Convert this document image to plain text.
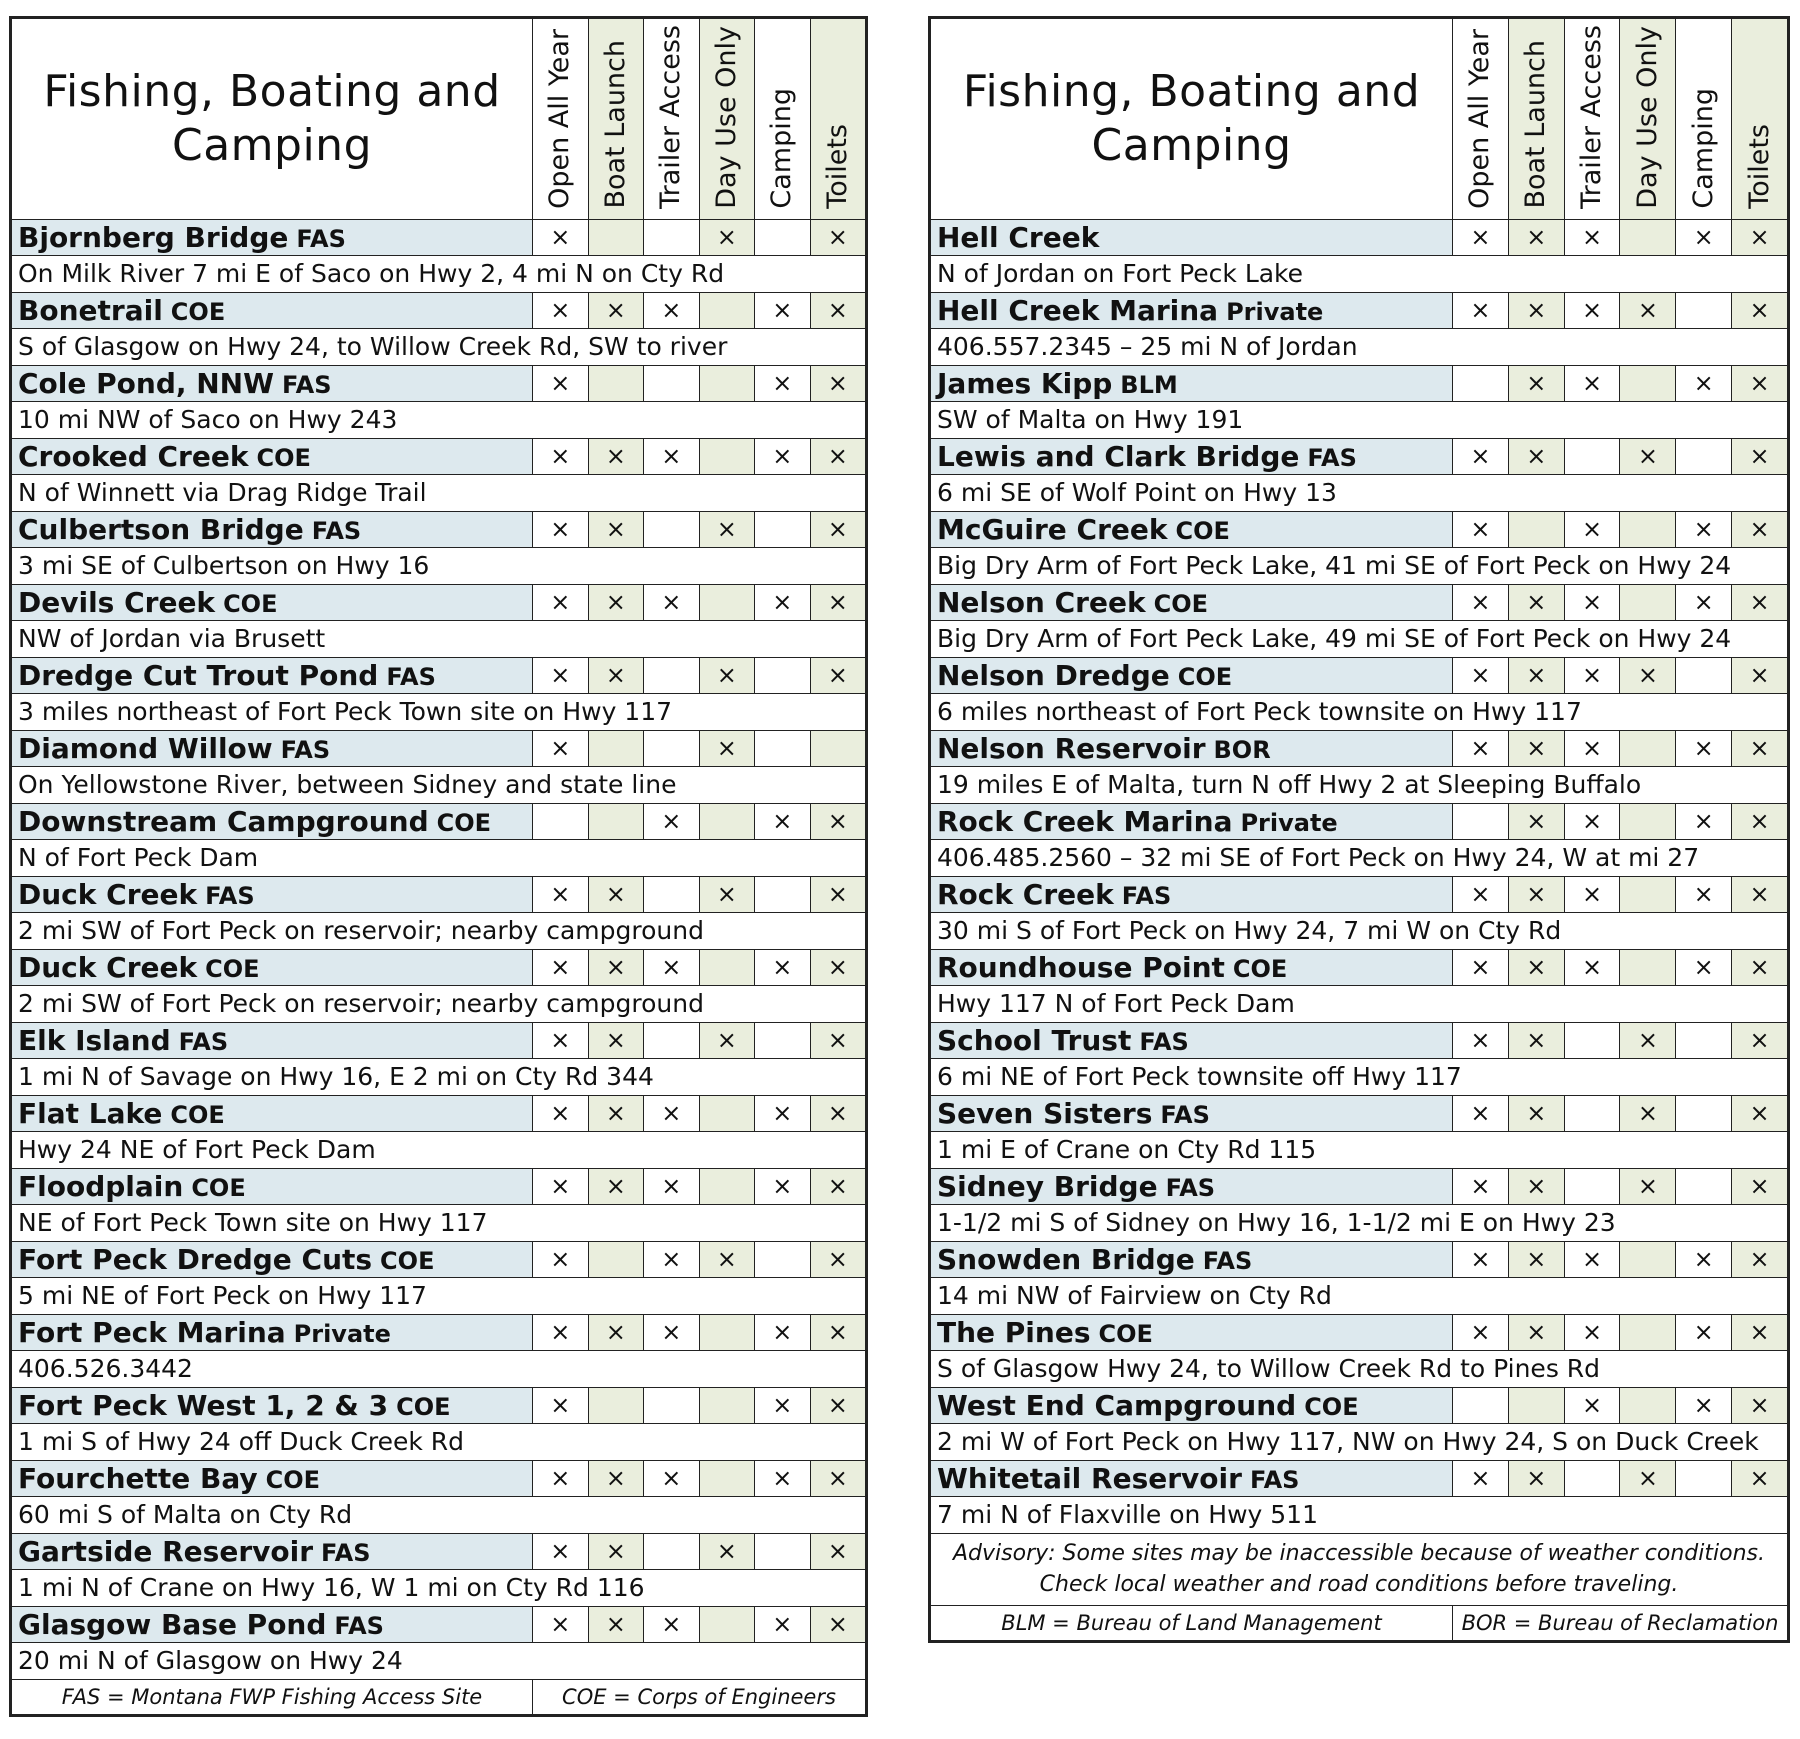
Fishing, Boating and Camping	Open All Year	Boat Launch	Trailer Access	Day Use Only	Camping	Toilets
Bjornberg Bridge FAS	×			×		×
On Milk River 7 mi E of Saco on Hwy 2, 4 mi N on Cty Rd						
Bonetrail COE	×	×	×		×	×
S of Glasgow on Hwy 24, to Willow Creek Rd, SW to river						
Cole Pond, NNW FAS	×				×	×
10 mi NW of Saco on Hwy 243						
Crooked Creek COE	×	×	×		×	×
N of Winnett via Drag Ridge Trail						
Culbertson Bridge FAS	×	×		×		×
3 mi SE of Culbertson on Hwy 16						
Devils Creek COE	×	×	×		×	×
NW of Jordan via Brusett						
Dredge Cut Trout Pond FAS	×	×		×		×
3 miles northeast of Fort Peck Town site on Hwy 117						
Diamond Willow FAS	×			×		
On Yellowstone River, between Sidney and state line						
Downstream Campground COE			×		×	×
N of Fort Peck Dam						
Duck Creek FAS	×	×		×		×
2 mi SW of Fort Peck on reservoir; nearby campground						
Duck Creek COE	×	×	×		×	×
2 mi SW of Fort Peck on reservoir; nearby campground						
Elk Island FAS	×	×		×		×
1 mi N of Savage on Hwy 16, E 2 mi on Cty Rd 344						
Flat Lake COE	×	×	×		×	×
Hwy 24 NE of Fort Peck Dam						
Floodplain COE	×	×	×		×	×
NE of Fort Peck Town site on Hwy 117						
Fort Peck Dredge Cuts COE	×		×	×		×
5 mi NE of Fort Peck on Hwy 117						
Fort Peck Marina Private	×	×	×		×	×
406.526.3442						
Fort Peck West 1, 2 & 3 COE	×				×	×
1 mi S of Hwy 24 off Duck Creek Rd						
Fourchette Bay COE	×	×	×		×	×
60 mi S of Malta on Cty Rd						
Gartside Reservoir FAS	×	×		×		×
1 mi N of Crane on Hwy 16, W 1 mi on Cty Rd 116						
Glasgow Base Pond FAS	×	×	×		×	×
20 mi N of Glasgow on Hwy 24						
FAS = Montana FWP Fishing Access Site	COE = Corps of Engineers					
Fishing, Boating and Camping	Open All Year	Boat Launch	Trailer Access	Day Use Only	Camping	Toilets
Hell Creek	×	×	×		×	×
N of Jordan on Fort Peck Lake						
Hell Creek Marina Private	×	×	×	×		×
406.557.2345 – 25 mi N of Jordan						
James Kipp BLM		×	×		×	×
SW of Malta on Hwy 191						
Lewis and Clark Bridge FAS	×	×		×		×
6 mi SE of Wolf Point on Hwy 13						
McGuire Creek COE	×		×		×	×
Big Dry Arm of Fort Peck Lake, 41 mi SE of Fort Peck on Hwy 24						
Nelson Creek COE	×	×	×		×	×
Big Dry Arm of Fort Peck Lake, 49 mi SE of Fort Peck on Hwy 24						
Nelson Dredge COE	×	×	×	×		×
6 miles northeast of Fort Peck townsite on Hwy 117						
Nelson Reservoir BOR	×	×	×		×	×
19 miles E of Malta, turn N off Hwy 2 at Sleeping Buffalo						
Rock Creek Marina Private		×	×		×	×
406.485.2560 – 32 mi SE of Fort Peck on Hwy 24, W at mi 27						
Rock Creek FAS	×	×	×		×	×
30 mi S of Fort Peck on Hwy 24, 7 mi W on Cty Rd						
Roundhouse Point COE	×	×	×		×	×
Hwy 117 N of Fort Peck Dam						
School Trust FAS	×	×		×		×
6 mi NE of Fort Peck townsite off Hwy 117						
Seven Sisters FAS	×	×		×		×
1 mi E of Crane on Cty Rd 115						
Sidney Bridge FAS	×	×		×		×
1-1/2 mi S of Sidney on Hwy 16, 1-1/2 mi E on Hwy 23						
Snowden Bridge FAS	×	×	×		×	×
14 mi NW of Fairview on Cty Rd						
The Pines COE	×	×	×		×	×
S of Glasgow Hwy 24, to Willow Creek Rd to Pines Rd						
West End Campground COE			×		×	×
2 mi W of Fort Peck on Hwy 117, NW on Hwy 24, S on Duck Creek						
Whitetail Reservoir FAS	×	×		×		×
7 mi N of Flaxville on Hwy 511						
Advisory: Some sites may be inaccessible because of weather conditions. Check local weather and road conditions before traveling.						
BLM = Bureau of Land Management	BOR = Bureau of Reclamation					
